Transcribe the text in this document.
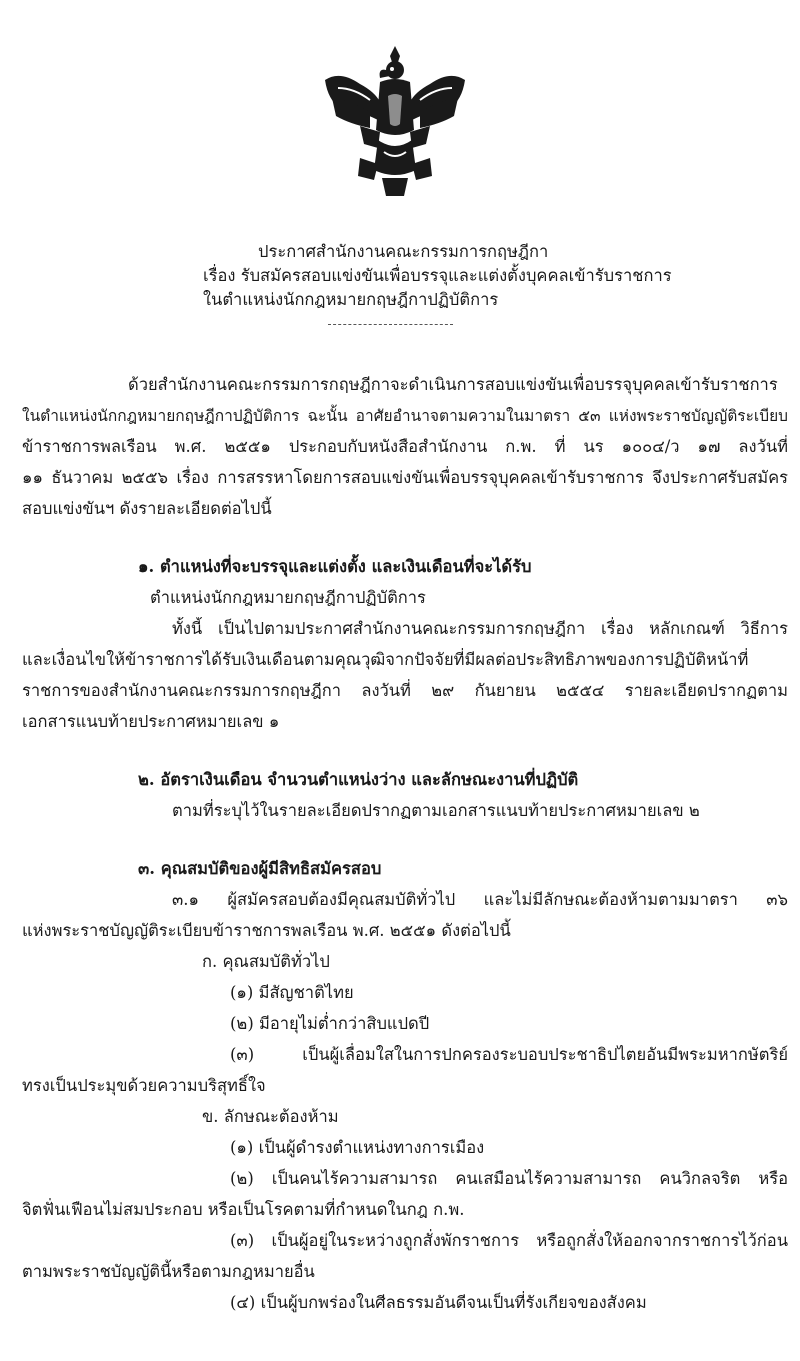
ประกาศสำนักงานคณะกรรมการกฤษฎีกา
เรื่อง รับสมัครสอบแข่งขันเพื่อบรรจุและแต่งตั้งบุคคลเข้ารับราชการ
ในตำแหน่งนักกฎหมายกฤษฎีกาปฏิบัติการ
ด้วยสำนักงานคณะกรรมการกฤษฎีกาจะดำเนินการสอบแข่งขันเพื่อบรรจุบุคคลเข้ารับราชการ
ในตำแหน่งนักกฎหมายกฤษฎีกาปฏิบัติการ ฉะนั้น อาศัยอำนาจตามความในมาตรา ๕๓ แห่งพระราชบัญญัติระเบียบ
ข้าราชการพลเรือน พ.ศ. ๒๕๕๑ ประกอบกับหนังสือสำนักงาน ก.พ. ที่ นร ๑๐๐๔/ว ๑๗ ลงวันที่
๑๑ ธันวาคม ๒๕๕๖ เรื่อง การสรรหาโดยการสอบแข่งขันเพื่อบรรจุบุคคลเข้ารับราชการ จึงประกาศรับสมัคร
สอบแข่งขันฯ ดังรายละเอียดต่อไปนี้
๑. ตำแหน่งที่จะบรรจุและแต่งตั้ง และเงินเดือนที่จะได้รับ
ตำแหน่งนักกฎหมายกฤษฎีกาปฏิบัติการ
ทั้งนี้ เป็นไปตามประกาศสำนักงานคณะกรรมการกฤษฎีกา เรื่อง หลักเกณฑ์ วิธีการ
และเงื่อนไขให้ข้าราชการได้รับเงินเดือนตามคุณวุฒิจากปัจจัยที่มีผลต่อประสิทธิภาพของการปฏิบัติหน้าที่
ราชการของสำนักงานคณะกรรมการกฤษฎีกา ลงวันที่ ๒๙ กันยายน ๒๕๕๔ รายละเอียดปรากฏตาม
เอกสารแนบท้ายประกาศหมายเลข ๑
๒. อัตราเงินเดือน จำนวนตำแหน่งว่าง และลักษณะงานที่ปฏิบัติ
ตามที่ระบุไว้ในรายละเอียดปรากฏตามเอกสารแนบท้ายประกาศหมายเลข ๒
๓. คุณสมบัติของผู้มีสิทธิสมัครสอบ
๓.๑ ผู้สมัครสอบต้องมีคุณสมบัติทั่วไป และไม่มีลักษณะต้องห้ามตามมาตรา ๓๖
แห่งพระราชบัญญัติระเบียบข้าราชการพลเรือน พ.ศ. ๒๕๕๑ ดังต่อไปนี้
ก. คุณสมบัติทั่วไป
(๑) มีสัญชาติไทย
(๒) มีอายุไม่ต่ำกว่าสิบแปดปี
(๓) เป็นผู้เลื่อมใสในการปกครองระบอบประชาธิปไตยอันมีพระมหากษัตริย์
ทรงเป็นประมุขด้วยความบริสุทธิ์ใจ
ข. ลักษณะต้องห้าม
(๑) เป็นผู้ดำรงตำแหน่งทางการเมือง
(๒) เป็นคนไร้ความสามารถ คนเสมือนไร้ความสามารถ คนวิกลจริต หรือ
จิตฟั่นเฟือนไม่สมประกอบ หรือเป็นโรคตามที่กำหนดในกฎ ก.พ.
(๓) เป็นผู้อยู่ในระหว่างถูกสั่งพักราชการ หรือถูกสั่งให้ออกจากราชการไว้ก่อน
ตามพระราชบัญญัตินี้หรือตามกฎหมายอื่น
(๔) เป็นผู้บกพร่องในศีลธรรมอันดีจนเป็นที่รังเกียจของสังคม
